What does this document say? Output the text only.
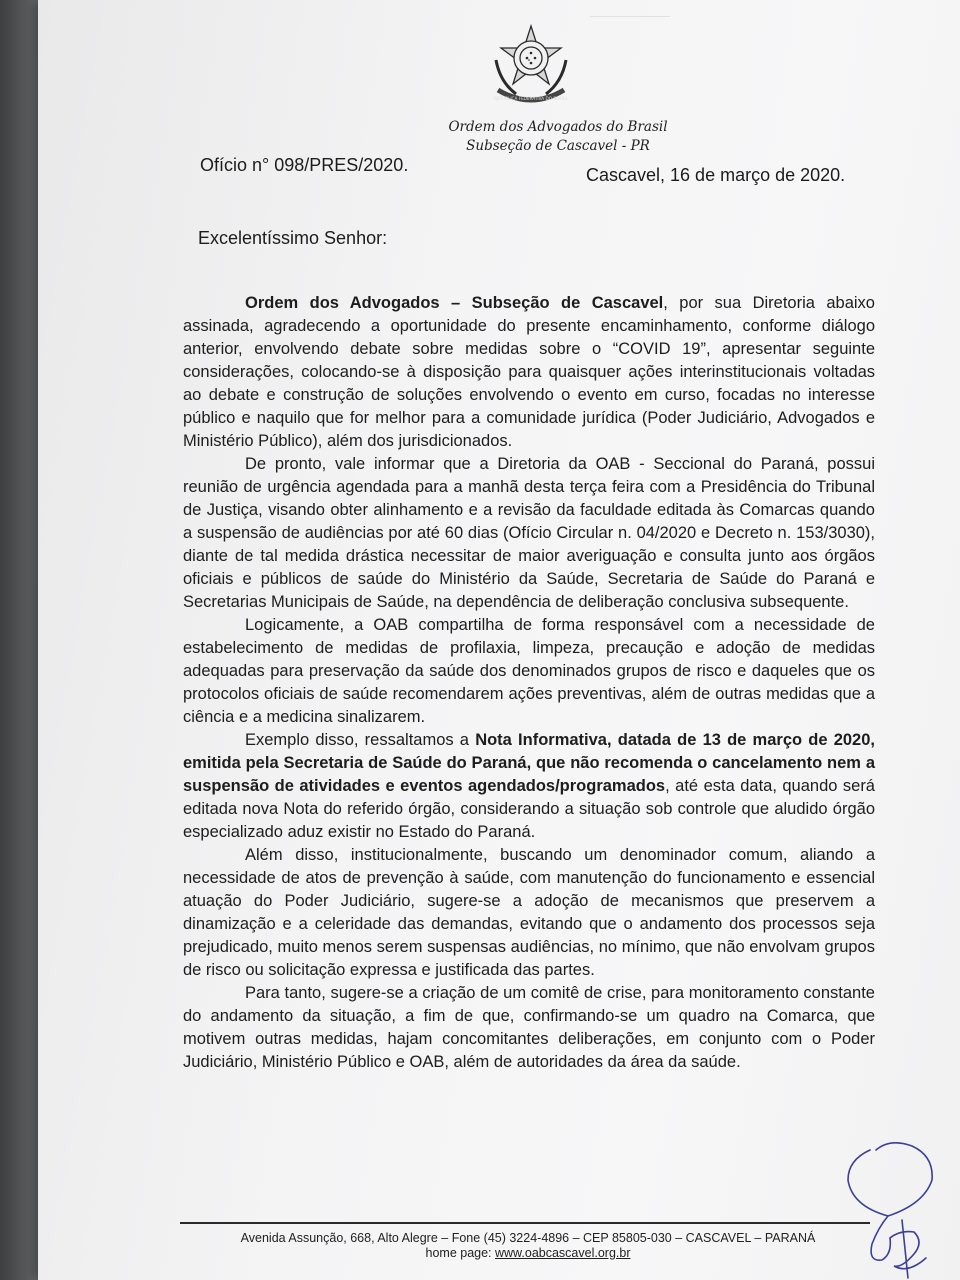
REPÚBLICA FEDERATIVA DO BRASIL
Ordem dos Advogados do Brasil
Subseção de Cascavel - PR
Ofício n° 098/PRES/2020.	Cascavel, 16 de março de 2020.
Excelentíssimo Senhor:

Ordem dos Advogados – Subseção de Cascavel, por sua Diretoria abaixo assinada, agradecendo a oportunidade do presente encaminhamento, conforme diálogo anterior, envolvendo debate sobre medidas sobre o “COVID 19”, apresentar seguinte considerações, colocando-se à disposição para quaisquer ações interinstitucionais voltadas ao debate e construção de soluções envolvendo o evento em curso, focadas no interesse público e naquilo que for melhor para a comunidade jurídica (Poder Judiciário, Advogados e Ministério Público), além dos jurisdicionados.

De pronto, vale informar que a Diretoria da OAB - Seccional do Paraná, possui reunião de urgência agendada para a manhã desta terça feira com a Presidência do Tribunal de Justiça, visando obter alinhamento e a revisão da faculdade editada às Comarcas quando a suspensão de audiências por até 60 dias (Ofício Circular n. 04/2020 e Decreto n. 153/3030), diante de tal medida drástica necessitar de maior averiguação e consulta junto aos órgãos oficiais e públicos de saúde do Ministério da Saúde, Secretaria de Saúde do Paraná e Secretarias Municipais de Saúde, na dependência de deliberação conclusiva subsequente.

Logicamente, a OAB compartilha de forma responsável com a necessidade de estabelecimento de medidas de profilaxia, limpeza, precaução e adoção de medidas adequadas para preservação da saúde dos denominados grupos de risco e daqueles que os protocolos oficiais de saúde recomendarem ações preventivas, além de outras medidas que a ciência e a medicina sinalizarem.

Exemplo disso, ressaltamos a Nota Informativa, datada de 13 de março de 2020, emitida pela Secretaria de Saúde do Paraná, que não recomenda o cancelamento nem a suspensão de atividades e eventos agendados/programados, até esta data, quando será editada nova Nota do referido órgão, considerando a situação sob controle que aludido órgão especializado aduz existir no Estado do Paraná.

Além disso, institucionalmente, buscando um denominador comum, aliando a necessidade de atos de prevenção à saúde, com manutenção do funcionamento e essencial atuação do Poder Judiciário, sugere-se a adoção de mecanismos que preservem a dinamização e a celeridade das demandas, evitando que o andamento dos processos seja prejudicado, muito menos serem suspensas audiências, no mínimo, que não envolvam grupos de risco ou solicitação expressa e justificada das partes.

Para tanto, sugere-se a criação de um comitê de crise, para monitoramento constante do andamento da situação, a fim de que, confirmando-se um quadro na Comarca, que motivem outras medidas, hajam concomitantes deliberações, em conjunto com o Poder Judiciário, Ministério Público e OAB, além de autoridades da área da saúde.

Avenida Assunção, 668, Alto Alegre – Fone (45) 3224-4896 – CEP 85805-030 – CASCAVEL – PARANÁ
home page: www.oabcascavel.org.br
